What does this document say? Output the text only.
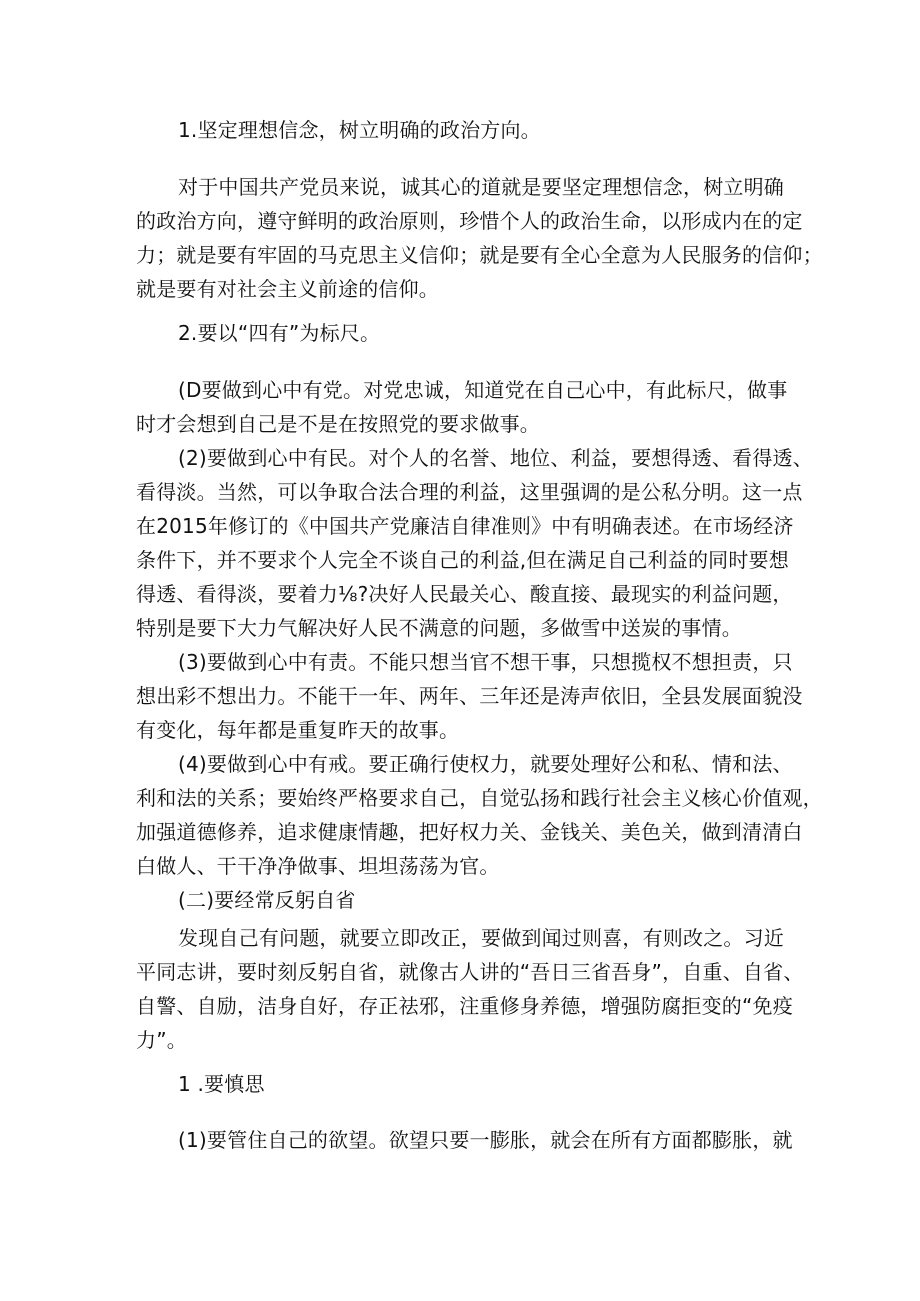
1.坚定理想信念，树立明确的政治方向。
对于中国共产党员来说，诚其心的道就是要坚定理想信念，树立明确
的政治方向，遵守鲜明的政治原则，珍惜个人的政治生命，以形成内在的定
力；就是要有牢固的马克思主义信仰；就是要有全心全意为人民服务的信仰；
就是要有对社会主义前途的信仰。
2.要以“四有”为标尺。
(D要做到心中有党。对党忠诚，知道党在自己心中，有此标尺，做事
时才会想到自己是不是在按照党的要求做事。
(2)要做到心中有民。对个人的名誉、地位、利益，要想得透、看得透、
看得淡。当然，可以争取合法合理的利益，这里强调的是公私分明。这一点
在2015年修订的《中国共产党廉洁自律准则》中有明确表述。在市场经济
条件下，并不要求个人完全不谈自己的利益,但在满足自己利益的同时要想
得透、看得淡，要着力⅛?决好人民最关心、酸直接、最现实的利益问题，
特别是要下大力气解决好人民不满意的问题，多做雪中送炭的事情。
(3)要做到心中有责。不能只想当官不想干事，只想揽权不想担责，只
想出彩不想出力。不能干一年、两年、三年还是涛声依旧，全县发展面貌没
有变化，每年都是重复昨天的故事。
(4)要做到心中有戒。要正确行使权力，就要处理好公和私、情和法、
利和法的关系；要始终严格要求自己，自觉弘扬和践行社会主义核心价值观，
加强道德修养，追求健康情趣，把好权力关、金钱关、美色关，做到清清白
白做人、干干净净做事、坦坦荡荡为官。
(二)要经常反躬自省
发现自己有问题，就要立即改正，要做到闻过则喜，有则改之。习近
平同志讲，要时刻反躬自省，就像古人讲的“吾日三省吾身”，自重、自省、
自警、自励，洁身自好，存正祛邪，注重修身养德，增强防腐拒变的“免疫
力”。
1 .要慎思
(1)要管住自己的欲望。欲望只要一膨胀，就会在所有方面都膨胀，就
